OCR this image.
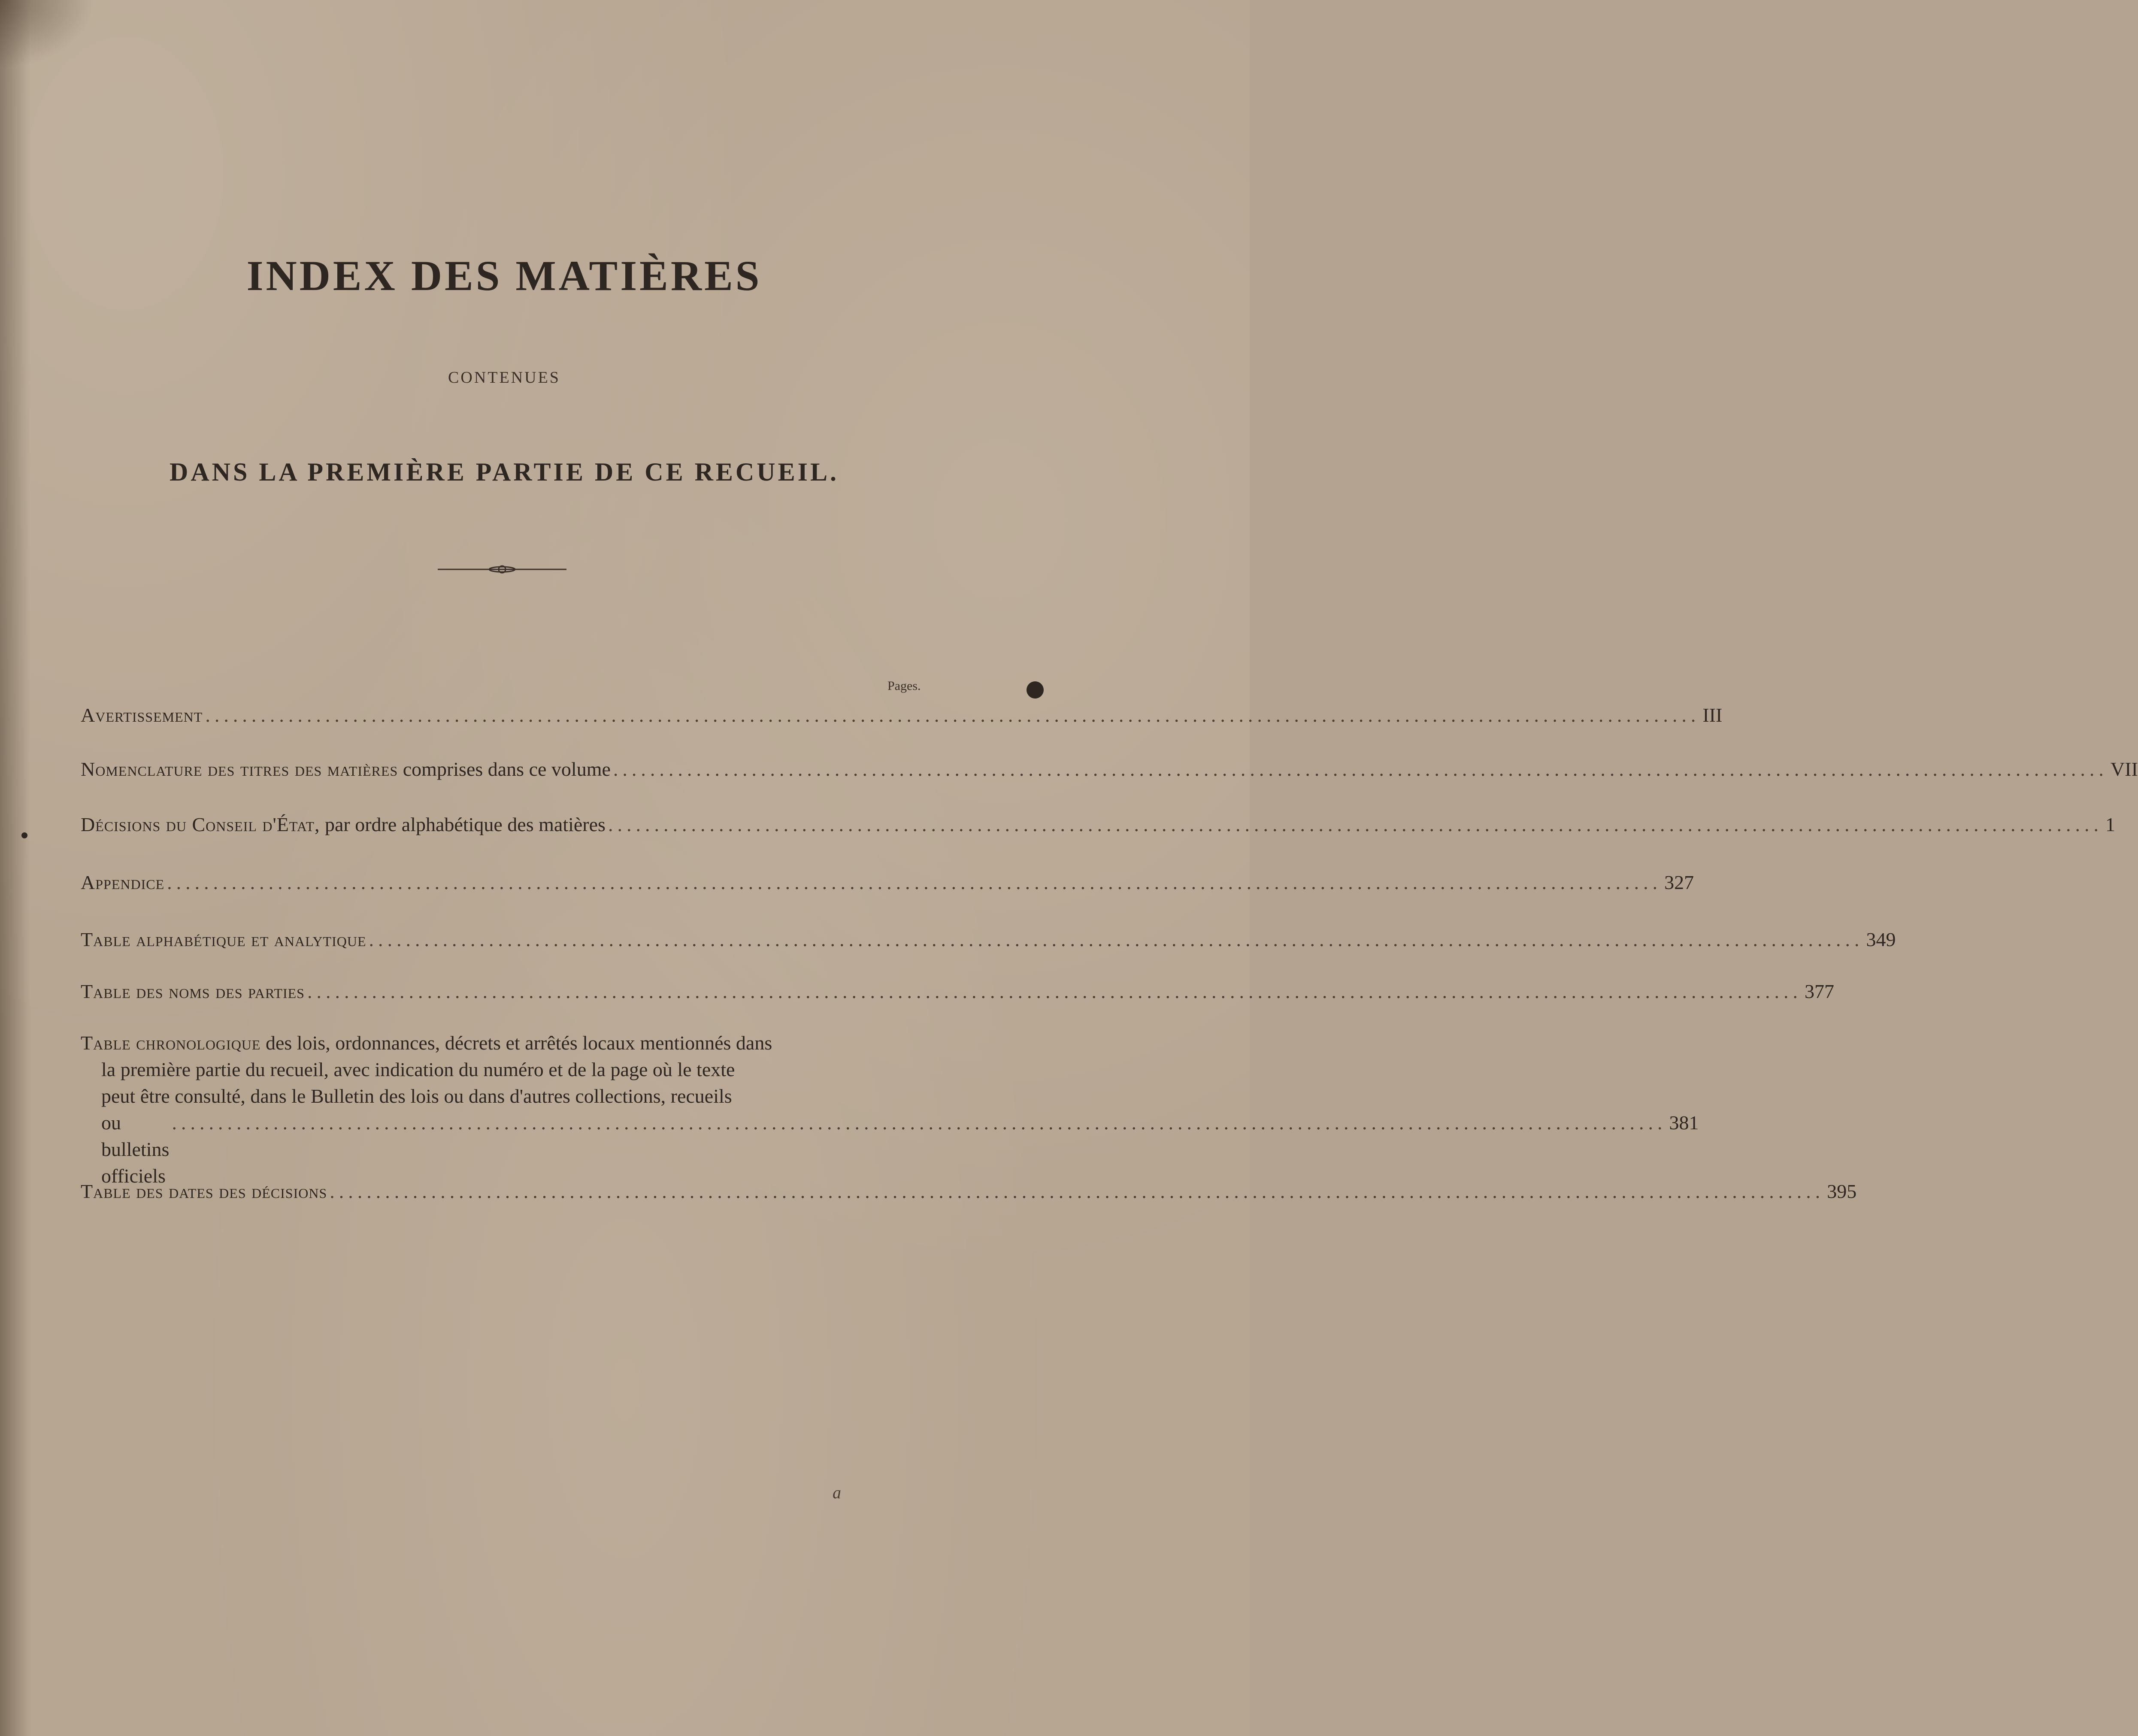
INDEX DES MATIÈRES
CONTENUES
DANS LA PREMIÈRE PARTIE DE CE RECUEIL.
Pages.
Avertissement .................................................................................................................................................................. III
Nomenclature des titres des matières comprises dans ce volume .................................................................................................................................................................. VII
Décisions du Conseil d'État, par ordre alphabétique des matières .................................................................................................................................................................. 1
Appendice .................................................................................................................................................................. 327
Table alphabétique et analytique .................................................................................................................................................................. 349
Table des noms des parties .................................................................................................................................................................. 377
Table chronologique des lois, ordonnances, décrets et arrêtés locaux mentionnés dans
la première partie du recueil, avec indication du numéro et de la page où le texte
peut être consulté, dans le Bulletin des lois ou dans d'autres collections, recueils
ou bulletins officiels
.................................................................................................................................................................. 381
Table des dates des décisions .................................................................................................................................................................. 395
a
